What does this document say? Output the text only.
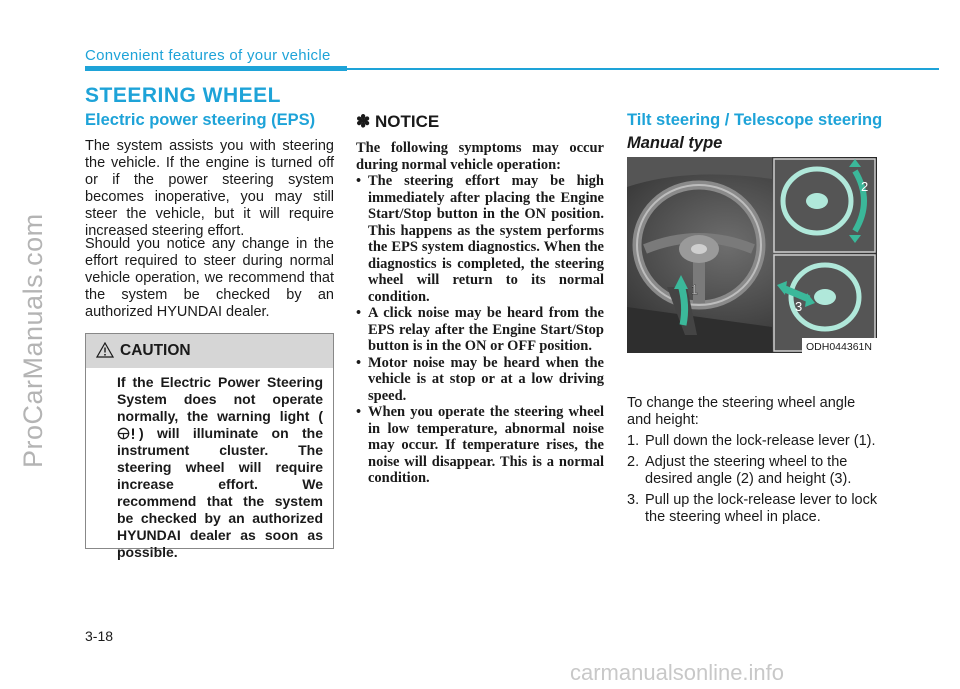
ProCarManuals.com
Convenient features of your vehicle
STEERING WHEEL
Electric power steering (EPS)

The system assists you with steering the vehicle. If the engine is turned off or if the power steering system becomes inoperative, you may still steer the vehicle, but it will require increased steering effort.

Should you notice any change in the effort required to steer during normal vehicle operation, we recommend that the system be checked by an authorized HYUNDAI dealer.

CAUTION
If the Electric Power Steering System does not operate normally, the warning light () will illuminate on the instrument cluster. The steering wheel will require increase effort. We recommend that the system be checked by an authorized HYUNDAI dealer as soon as possible.
✽ NOTICE

The following symptoms may occur during normal vehicle operation:

• The steering effort may be high immediately after placing the Engine Start/Stop button in the ON position. This happens as the system performs the EPS system diagnostics. When the diagnostics is completed, the steering wheel will return to its normal condition.
• A click noise may be heard from the EPS relay after the Engine Start/Stop button is in the ON or OFF position.
• Motor noise may be heard when the vehicle is at stop or at a low driving speed.
• When you operate the steering wheel in low temperature, abnormal noise may occur. If temperature rises, the noise will disappear. This is a normal condition.
Tilt steering / Telescope steering
Manual type
1
2
3
ODH044361N
To change the steering wheel angle and height:
1. Pull down the lock-release lever (1).
2. Adjust the steering wheel to the desired angle (2) and height (3).
3. Pull up the lock-release lever to lock the steering wheel in place.
3-18
carmanualsonline.info
